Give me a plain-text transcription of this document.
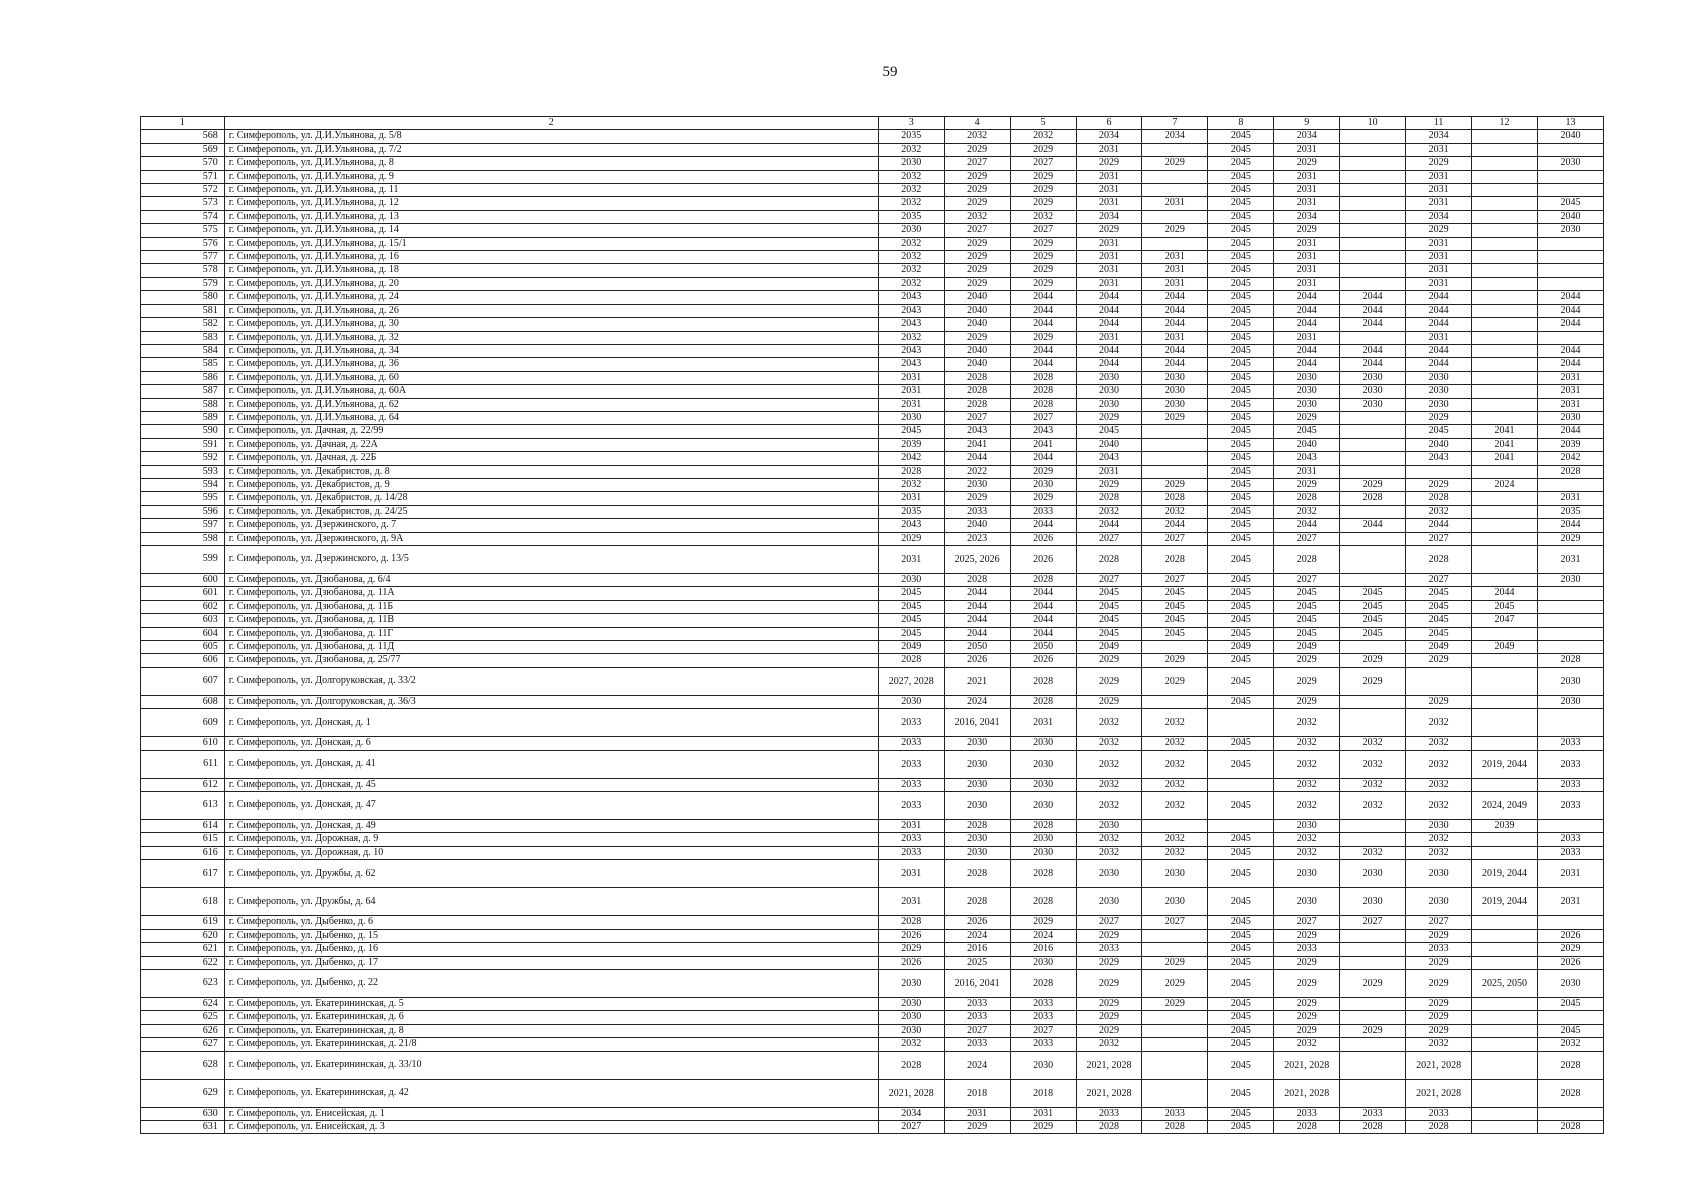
59
1	2	3	4	5	6	7	8	9	10	11	12	13
568	г. Симферополь, ул. Д.И.Ульянова, д. 5/8	2035	2032	2032	2034	2034	2045	2034		2034		2040
569	г. Симферополь, ул. Д.И.Ульянова, д. 7/2	2032	2029	2029	2031		2045	2031		2031		
570	г. Симферополь, ул. Д.И.Ульянова, д. 8	2030	2027	2027	2029	2029	2045	2029		2029		2030
571	г. Симферополь, ул. Д.И.Ульянова, д. 9	2032	2029	2029	2031		2045	2031		2031		
572	г. Симферополь, ул. Д.И.Ульянова, д. 11	2032	2029	2029	2031		2045	2031		2031		
573	г. Симферополь, ул. Д.И.Ульянова, д. 12	2032	2029	2029	2031	2031	2045	2031		2031		2045
574	г. Симферополь, ул. Д.И.Ульянова, д. 13	2035	2032	2032	2034		2045	2034		2034		2040
575	г. Симферополь, ул. Д.И.Ульянова, д. 14	2030	2027	2027	2029	2029	2045	2029		2029		2030
576	г. Симферополь, ул. Д.И.Ульянова, д. 15/1	2032	2029	2029	2031		2045	2031		2031		
577	г. Симферополь, ул. Д.И.Ульянова, д. 16	2032	2029	2029	2031	2031	2045	2031		2031		
578	г. Симферополь, ул. Д.И.Ульянова, д. 18	2032	2029	2029	2031	2031	2045	2031		2031		
579	г. Симферополь, ул. Д.И.Ульянова, д. 20	2032	2029	2029	2031	2031	2045	2031		2031		
580	г. Симферополь, ул. Д.И.Ульянова, д. 24	2043	2040	2044	2044	2044	2045	2044	2044	2044		2044
581	г. Симферополь, ул. Д.И.Ульянова, д. 26	2043	2040	2044	2044	2044	2045	2044	2044	2044		2044
582	г. Симферополь, ул. Д.И.Ульянова, д. 30	2043	2040	2044	2044	2044	2045	2044	2044	2044		2044
583	г. Симферополь, ул. Д.И.Ульянова, д. 32	2032	2029	2029	2031	2031	2045	2031		2031		
584	г. Симферополь, ул. Д.И.Ульянова, д. 34	2043	2040	2044	2044	2044	2045	2044	2044	2044		2044
585	г. Симферополь, ул. Д.И.Ульянова, д. 36	2043	2040	2044	2044	2044	2045	2044	2044	2044		2044
586	г. Симферополь, ул. Д.И.Ульянова, д. 60	2031	2028	2028	2030	2030	2045	2030	2030	2030		2031
587	г. Симферополь, ул. Д.И.Ульянова, д. 60А	2031	2028	2028	2030	2030	2045	2030	2030	2030		2031
588	г. Симферополь, ул. Д.И.Ульянова, д. 62	2031	2028	2028	2030	2030	2045	2030	2030	2030		2031
589	г. Симферополь, ул. Д.И.Ульянова, д. 64	2030	2027	2027	2029	2029	2045	2029		2029		2030
590	г. Симферополь, ул. Дачная, д. 22/99	2045	2043	2043	2045		2045	2045		2045	2041	2044
591	г. Симферополь, ул. Дачная, д. 22А	2039	2041	2041	2040		2045	2040		2040	2041	2039
592	г. Симферополь, ул. Дачная, д. 22Б	2042	2044	2044	2043		2045	2043		2043	2041	2042
593	г. Симферополь, ул. Декабристов, д. 8	2028	2022	2029	2031		2045	2031				2028
594	г. Симферополь, ул. Декабристов, д. 9	2032	2030	2030	2029	2029	2045	2029	2029	2029	2024	
595	г. Симферополь, ул. Декабристов, д. 14/28	2031	2029	2029	2028	2028	2045	2028	2028	2028		2031
596	г. Симферополь, ул. Декабристов, д. 24/25	2035	2033	2033	2032	2032	2045	2032		2032		2035
597	г. Симферополь, ул. Дзержинского, д. 7	2043	2040	2044	2044	2044	2045	2044	2044	2044		2044
598	г. Симферополь, ул. Дзержинского, д. 9А	2029	2023	2026	2027	2027	2045	2027		2027		2029
599	г. Симферополь, ул. Дзержинского, д. 13/5	2031	2025, 2026	2026	2028	2028	2045	2028		2028		2031
600	г. Симферополь, ул. Дзюбанова, д. 6/4	2030	2028	2028	2027	2027	2045	2027		2027		2030
601	г. Симферополь, ул. Дзюбанова, д. 11А	2045	2044	2044	2045	2045	2045	2045	2045	2045	2044	
602	г. Симферополь, ул. Дзюбанова, д. 11Б	2045	2044	2044	2045	2045	2045	2045	2045	2045	2045	
603	г. Симферополь, ул. Дзюбанова, д. 11В	2045	2044	2044	2045	2045	2045	2045	2045	2045	2047	
604	г. Симферополь, ул. Дзюбанова, д. 11Г	2045	2044	2044	2045	2045	2045	2045	2045	2045		
605	г. Симферополь, ул. Дзюбанова, д. 11Д	2049	2050	2050	2049		2049	2049		2049	2049	
606	г. Симферополь, ул. Дзюбанова, д. 25/77	2028	2026	2026	2029	2029	2045	2029	2029	2029		2028
607	г. Симферополь, ул. Долгоруковская, д. 33/2	2027, 2028	2021	2028	2029	2029	2045	2029	2029			2030
608	г. Симферополь, ул. Долгоруковская, д. 36/3	2030	2024	2028	2029		2045	2029		2029		2030
609	г. Симферополь, ул. Донская, д. 1	2033	2016, 2041	2031	2032	2032		2032		2032		
610	г. Симферополь, ул. Донская, д. 6	2033	2030	2030	2032	2032	2045	2032	2032	2032		2033
611	г. Симферополь, ул. Донская, д. 41	2033	2030	2030	2032	2032	2045	2032	2032	2032	2019, 2044	2033
612	г. Симферополь, ул. Донская, д. 45	2033	2030	2030	2032	2032		2032	2032	2032		2033
613	г. Симферополь, ул. Донская, д. 47	2033	2030	2030	2032	2032	2045	2032	2032	2032	2024, 2049	2033
614	г. Симферополь, ул. Донская, д. 49	2031	2028	2028	2030			2030		2030	2039	
615	г. Симферополь, ул. Дорожная, д. 9	2033	2030	2030	2032	2032	2045	2032		2032		2033
616	г. Симферополь, ул. Дорожная, д. 10	2033	2030	2030	2032	2032	2045	2032	2032	2032		2033
617	г. Симферополь, ул. Дружбы, д. 62	2031	2028	2028	2030	2030	2045	2030	2030	2030	2019, 2044	2031
618	г. Симферополь, ул. Дружбы, д. 64	2031	2028	2028	2030	2030	2045	2030	2030	2030	2019, 2044	2031
619	г. Симферополь, ул. Дыбенко, д. 6	2028	2026	2029	2027	2027	2045	2027	2027	2027		
620	г. Симферополь, ул. Дыбенко, д. 15	2026	2024	2024	2029		2045	2029		2029		2026
621	г. Симферополь, ул. Дыбенко, д. 16	2029	2016	2016	2033		2045	2033		2033		2029
622	г. Симферополь, ул. Дыбенко, д. 17	2026	2025	2030	2029	2029	2045	2029		2029		2026
623	г. Симферополь, ул. Дыбенко, д. 22	2030	2016, 2041	2028	2029	2029	2045	2029	2029	2029	2025, 2050	2030
624	г. Симферополь, ул. Екатерининская, д. 5	2030	2033	2033	2029	2029	2045	2029		2029		2045
625	г. Симферополь, ул. Екатерининская, д. 6	2030	2033	2033	2029		2045	2029		2029		
626	г. Симферополь, ул. Екатерининская, д. 8	2030	2027	2027	2029		2045	2029	2029	2029		2045
627	г. Симферополь, ул. Екатерининская, д. 21/8	2032	2033	2033	2032		2045	2032		2032		2032
628	г. Симферополь, ул. Екатерининская, д. 33/10	2028	2024	2030	2021, 2028		2045	2021, 2028		2021, 2028		2028
629	г. Симферополь, ул. Екатерининская, д. 42	2021, 2028	2018	2018	2021, 2028		2045	2021, 2028		2021, 2028		2028
630	г. Симферополь, ул. Енисейская, д. 1	2034	2031	2031	2033	2033	2045	2033	2033	2033		
631	г. Симферополь, ул. Енисейская, д. 3	2027	2029	2029	2028	2028	2045	2028	2028	2028		2028
